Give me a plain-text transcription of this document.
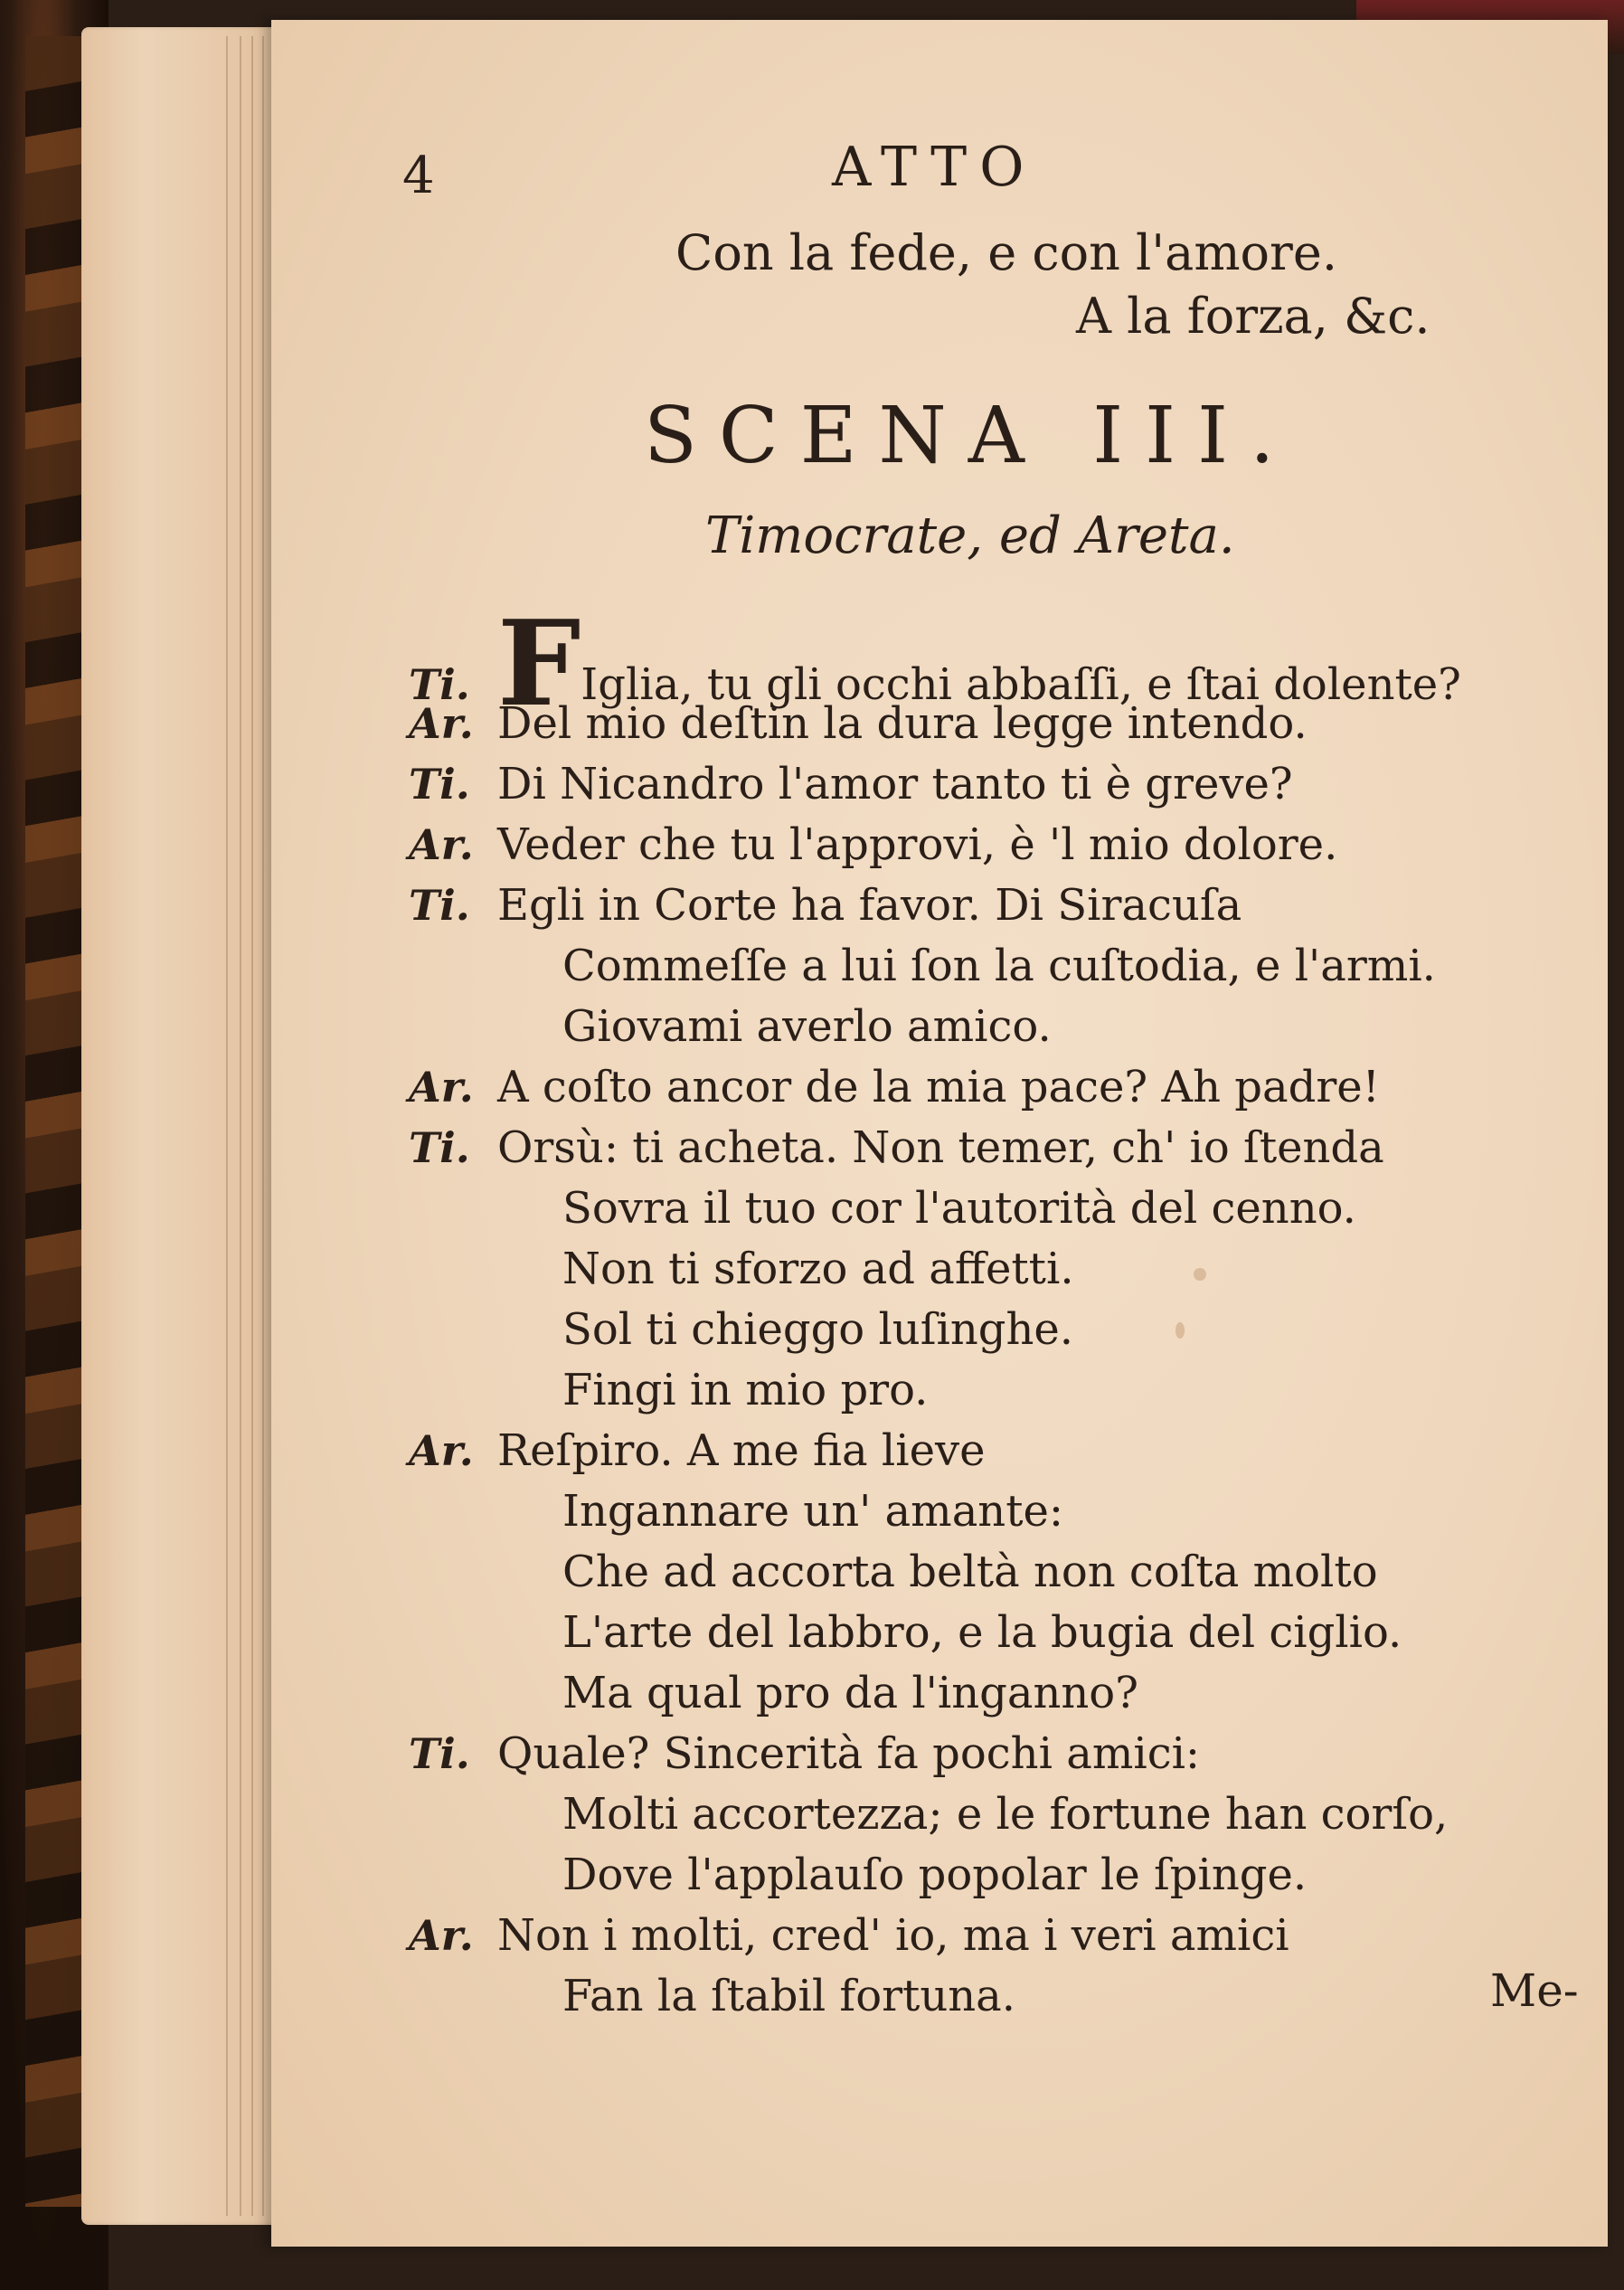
4	ATTO
Con la fede, e con l'amore.
A la forza, &c.
SCENA III.
Timocrate, ed Areta.
Ti. FIglia, tu gli occhi abbaſſi, e ſtai dolente?
Ar. Del mio deſtin la dura legge intendo.
Ti. Di Nicandro l'amor tanto ti è greve?
Ar. Veder che tu l'approvi, è 'l mio dolore.
Ti. Egli in Corte ha favor. Di Siracuſa
Commeſſe a lui ſon la cuſtodia, e l'armi.
Giovami averlo amico.
Ar. A coſto ancor de la mia pace? Ah padre!
Ti. Orsù: ti acheta. Non temer, ch' io ſtenda
Sovra il tuo cor l'autorità del cenno.
Non ti sforzo ad affetti.
Sol ti chieggo luſinghe.
Fingi in mio pro.
Ar. Reſpiro. A me fia lieve
Ingannare un' amante:
Che ad accorta beltà non coſta molto
L'arte del labbro, e la bugia del ciglio.
Ma qual pro da l'inganno?
Ti. Quale? Sincerità fa pochi amici:
Molti accortezza; e le fortune han corſo,
Dove l'applauſo popolar le ſpinge.
Ar. Non i molti, cred' io, ma i veri amici
Fan la ſtabil fortuna.	Me-
